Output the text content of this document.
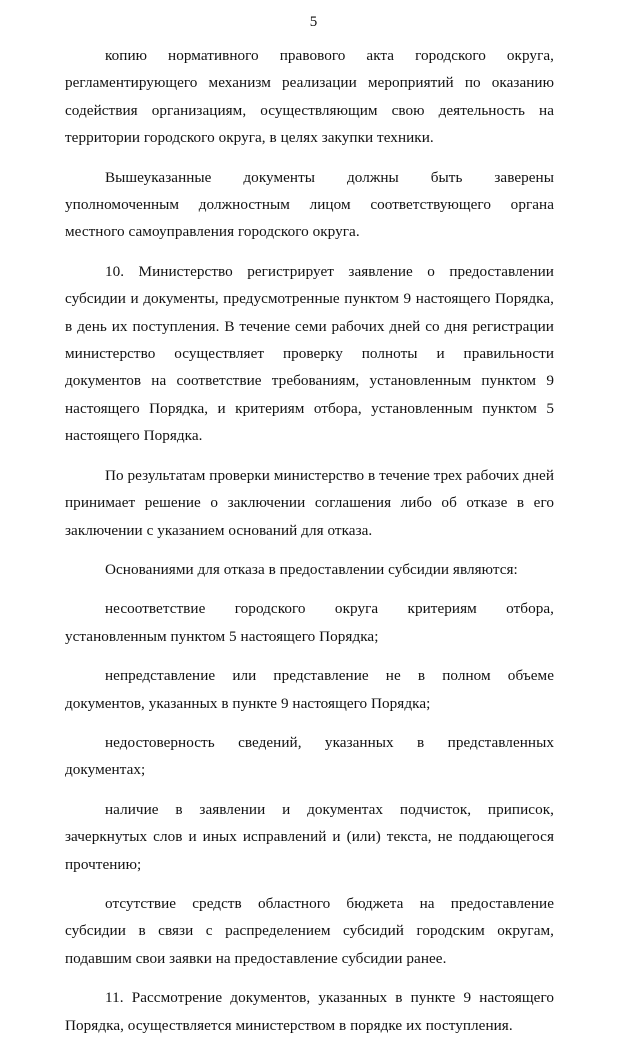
5

копию нормативного правового акта городского округа, регламентирующего механизм реализации мероприятий по оказанию содействия организациям, осуществляющим свою деятельность на территории городского округа, в целях закупки техники.

Вышеуказанные документы должны быть заверены уполномоченным должностным лицом соответствующего органа местного самоуправления городского округа.

10. Министерство регистрирует заявление о предоставлении субсидии и документы, предусмотренные пунктом 9 настоящего Порядка, в день их поступления. В течение семи рабочих дней со дня регистрации министерство осуществляет проверку полноты и правильности документов на соответствие требованиям, установленным пунктом 9 настоящего Порядка, и критериям отбора, установленным пунктом 5 настоящего Порядка.

По результатам проверки министерство в течение трех рабочих дней принимает решение о заключении соглашения либо об отказе в его заключении с указанием оснований для отказа.

Основаниями для отказа в предоставлении субсидии являются:

несоответствие городского округа критериям отбора, установленным пунктом 5 настоящего Порядка;

непредставление или представление не в полном объеме документов, указанных в пункте 9 настоящего Порядка;

недостоверность сведений, указанных в представленных документах;

наличие в заявлении и документах подчисток, приписок, зачеркнутых слов и иных исправлений и (или) текста, не поддающегося прочтению;

отсутствие средств областного бюджета на предоставление субсидии в связи с распределением субсидий городским округам, подавшим свои заявки на предоставление субсидии ранее.

11. Рассмотрение документов, указанных в пункте 9 настоящего Порядка, осуществляется министерством в порядке их поступления.
